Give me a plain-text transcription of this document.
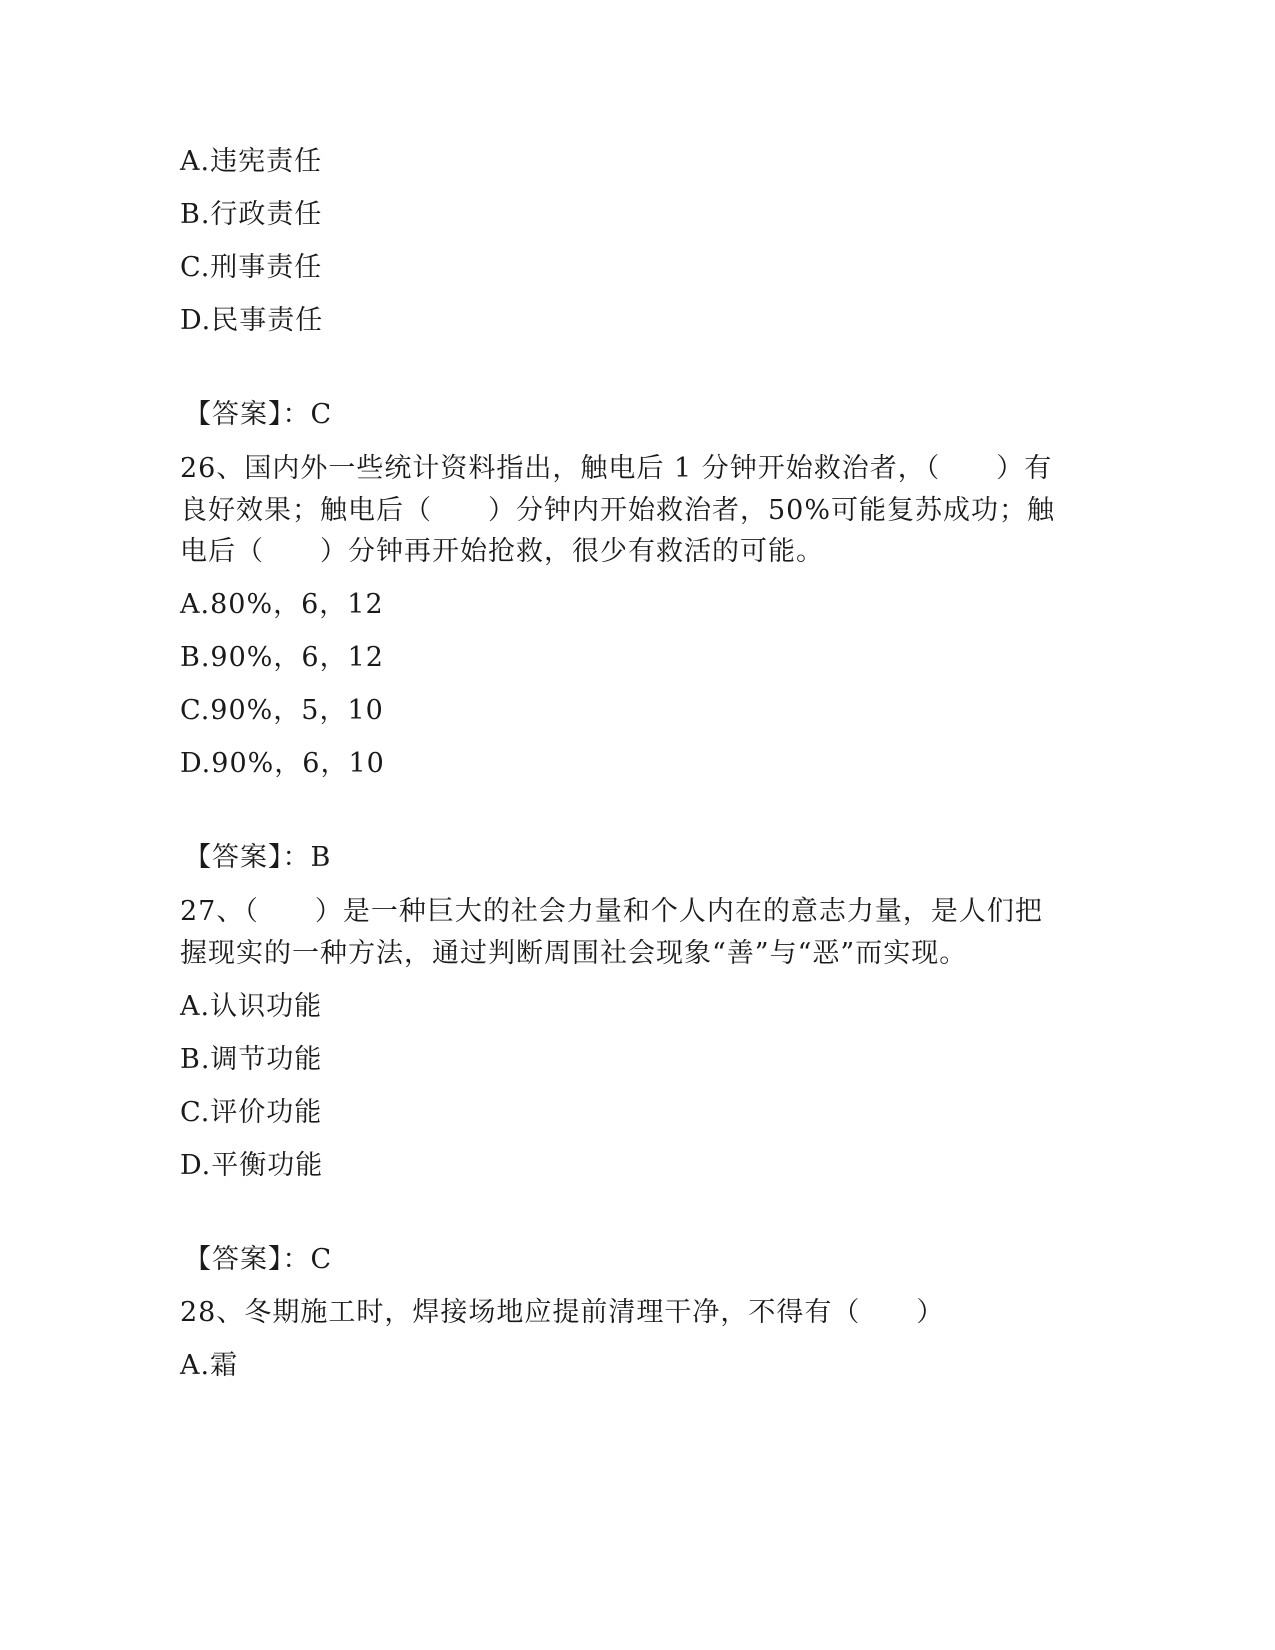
A.违宪责任
B.行政责任
C.刑事责任
D.民事责任
【答案】：C
26、国内外一些统计资料指出，触电后 1 分钟开始救治者，（　　）有
良好效果；触电后（　　）分钟内开始救治者，50%可能复苏成功；触
电后（　　）分钟再开始抢救，很少有救活的可能。
A.80%，6，12
B.90%，6，12
C.90%，5，10
D.90%，6，10
【答案】：B
27、（　　）是一种巨大的社会力量和个人内在的意志力量，是人们把
握现实的一种方法，通过判断周围社会现象“善”与“恶”而实现。
A.认识功能
B.调节功能
C.评价功能
D.平衡功能
【答案】：C
28、冬期施工时，焊接场地应提前清理干净，不得有（　　）
A.霜
